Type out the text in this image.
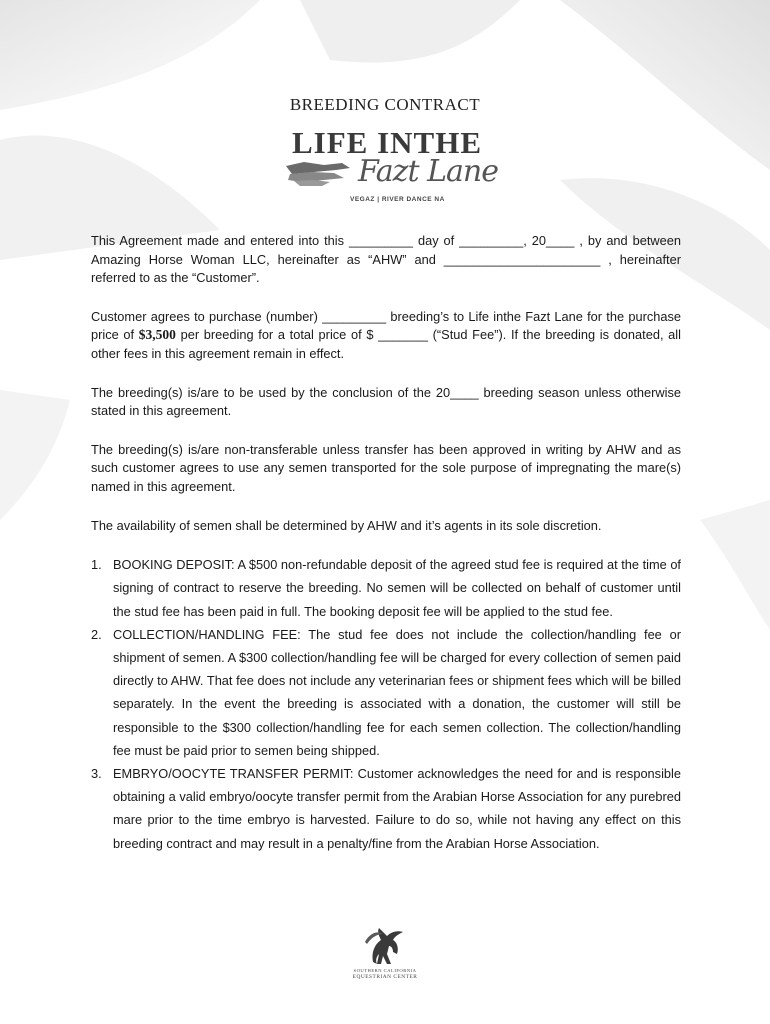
BREEDING CONTRACT
LIFE INTHE
Fazt Lane
VEGAZ | RIVER DANCE NA

This Agreement made and entered into this _________ day of _________, 20____ , by and between Amazing Horse Woman LLC, hereinafter as “AHW” and ______________________ , hereinafter referred to as the “Customer”.

Customer agrees to purchase (number) _________ breeding’s to Life inthe Fazt Lane for the purchase price of $3,500 per breeding for a total price of $ _______ (“Stud Fee”). If the breeding is donated, all other fees in this agreement remain in effect.

The breeding(s) is/are to be used by the conclusion of the 20____ breeding season unless otherwise stated in this agreement.

The breeding(s) is/are non-transferable unless transfer has been approved in writing by AHW and as such customer agrees to use any semen transported for the sole purpose of impregnating the mare(s) named in this agreement.

The availability of semen shall be determined by AHW and it’s agents in its sole discretion.

1. BOOKING DEPOSIT: A $500 non-refundable deposit of the agreed stud fee is required at the time of signing of contract to reserve the breeding. No semen will be collected on behalf of customer until the stud fee has been paid in full. The booking deposit fee will be applied to the stud fee.
2. COLLECTION/HANDLING FEE: The stud fee does not include the collection/handling fee or shipment of semen. A $300 collection/handling fee will be charged for every collection of semen paid directly to AHW. That fee does not include any veterinarian fees or shipment fees which will be billed separately. In the event the breeding is associated with a donation, the customer will still be responsible to the $300 collection/handling fee for each semen collection. The collection/handling fee must be paid prior to semen being shipped.
3. EMBRYO/OOCYTE TRANSFER PERMIT: Customer acknowledges the need for and is responsible obtaining a valid embryo/oocyte transfer permit from the Arabian Horse Association for any purebred mare prior to the time embryo is harvested. Failure to do so, while not having any effect on this breeding contract and may result in a penalty/fine from the Arabian Horse Association.
SOUTHERN CALIFORNIA
EQUESTRIAN CENTER
